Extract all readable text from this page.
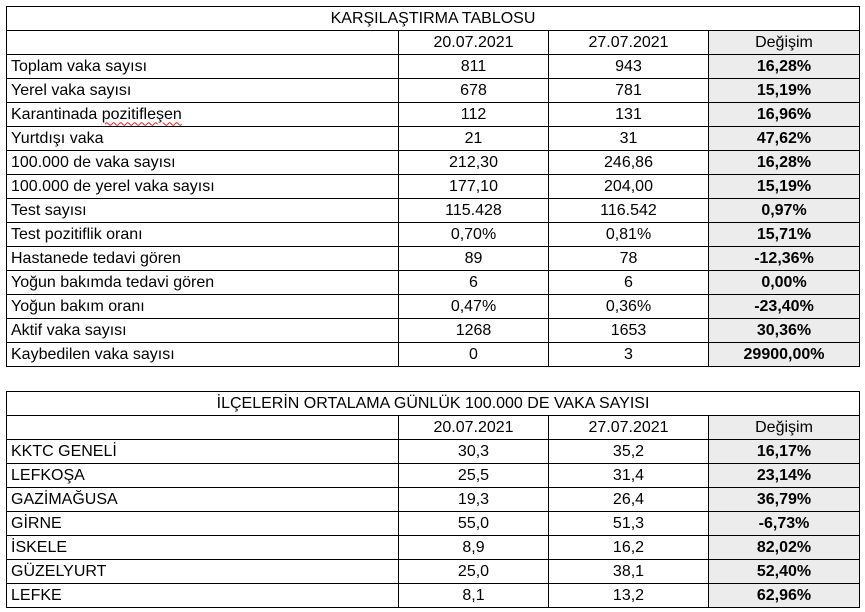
KARŞILAŞTIRMA TABLOSU			
	20.07.2021	27.07.2021	Değişim
Toplam vaka sayısı	811	943	16,28%
Yerel vaka sayısı	678	781	15,19%
Karantinada pozitifleşen	112	131	16,96%
Yurtdışı vaka	21	31	47,62%
100.000 de vaka sayısı	212,30	246,86	16,28%
100.000 de yerel vaka sayısı	177,10	204,00	15,19%
Test sayısı	115.428	116.542	0,97%
Test pozitiflik oranı	0,70%	0,81%	15,71%
Hastanede tedavi gören	89	78	-12,36%
Yoğun bakımda tedavi gören	6	6	0,00%
Yoğun bakım oranı	0,47%	0,36%	-23,40%
Aktif vaka sayısı	1268	1653	30,36%
Kaybedilen vaka sayısı	0	3	29900,00%
İLÇELERİN ORTALAMA GÜNLÜK 100.000 DE VAKA SAYISI			
	20.07.2021	27.07.2021	Değişim
KKTC GENELİ	30,3	35,2	16,17%
LEFKOŞA	25,5	31,4	23,14%
GAZİMAĞUSA	19,3	26,4	36,79%
GİRNE	55,0	51,3	-6,73%
İSKELE	8,9	16,2	82,02%
GÜZELYURT	25,0	38,1	52,40%
LEFKE	8,1	13,2	62,96%
